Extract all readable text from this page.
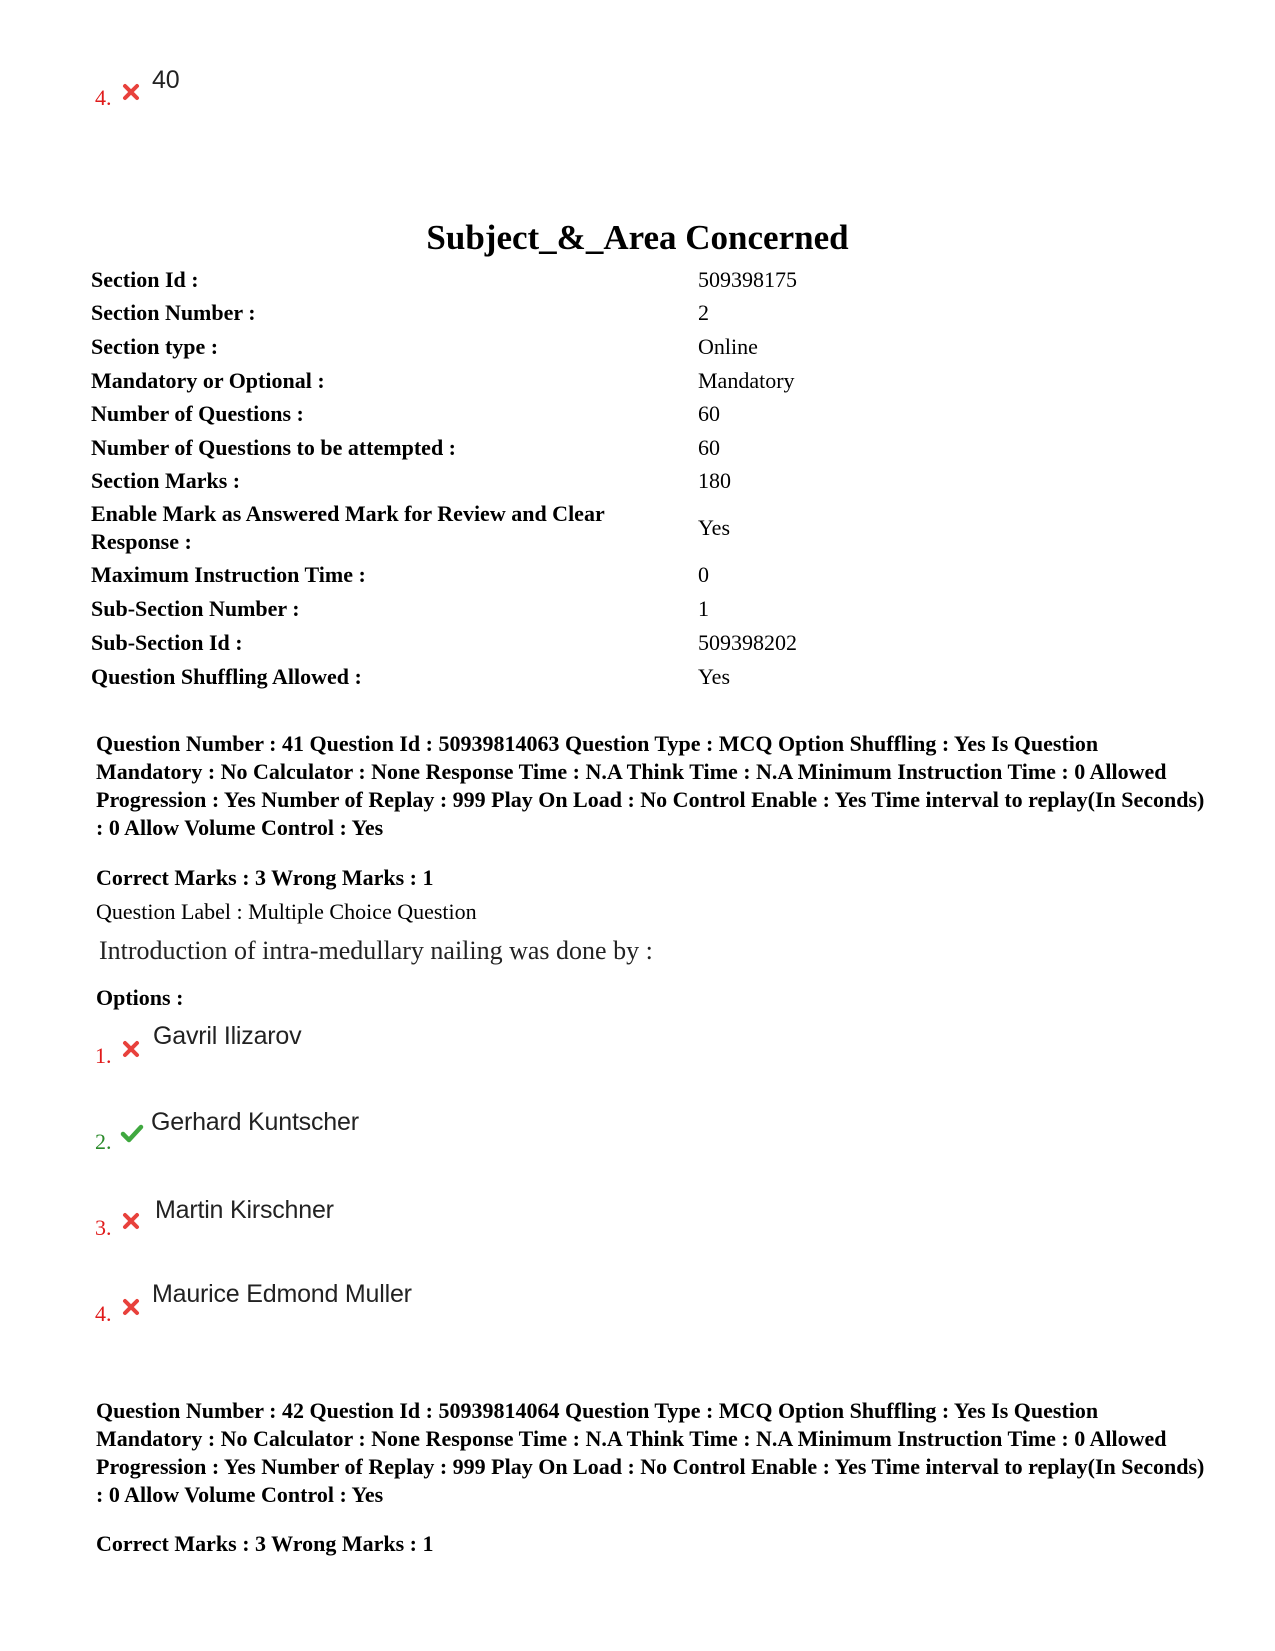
4.
40
Subject_&_Area Concerned
Section Id :	509398175
Section Number :	2
Section type :	Online
Mandatory or Optional :	Mandatory
Number of Questions :	60
Number of Questions to be attempted :	60
Section Marks :	180
Enable Mark as Answered Mark for Review and Clear Response :
Yes
Maximum Instruction Time :	0
Sub-Section Number :	1
Sub-Section Id :	509398202
Question Shuffling Allowed :	Yes
Question Number : 41 Question Id : 50939814063 Question Type : MCQ Option Shuffling : Yes Is Question Mandatory : No Calculator : None Response Time : N.A Think Time : N.A Minimum Instruction Time : 0 Allowed Progression : Yes Number of Replay : 999 Play On Load : No Control Enable : Yes Time interval to replay(In Seconds) : 0 Allow Volume Control : Yes
Correct Marks : 3 Wrong Marks : 1
Question Label : Multiple Choice Question
Introduction of intra-medullary nailing was done by :
Options :
1.
Gavril Ilizarov
2.
Gerhard Kuntscher
3.
Martin Kirschner
4.
Maurice Edmond Muller
Question Number : 42 Question Id : 50939814064 Question Type : MCQ Option Shuffling : Yes Is Question Mandatory : No Calculator : None Response Time : N.A Think Time : N.A Minimum Instruction Time : 0 Allowed Progression : Yes Number of Replay : 999 Play On Load : No Control Enable : Yes Time interval to replay(In Seconds) : 0 Allow Volume Control : Yes
Correct Marks : 3 Wrong Marks : 1
